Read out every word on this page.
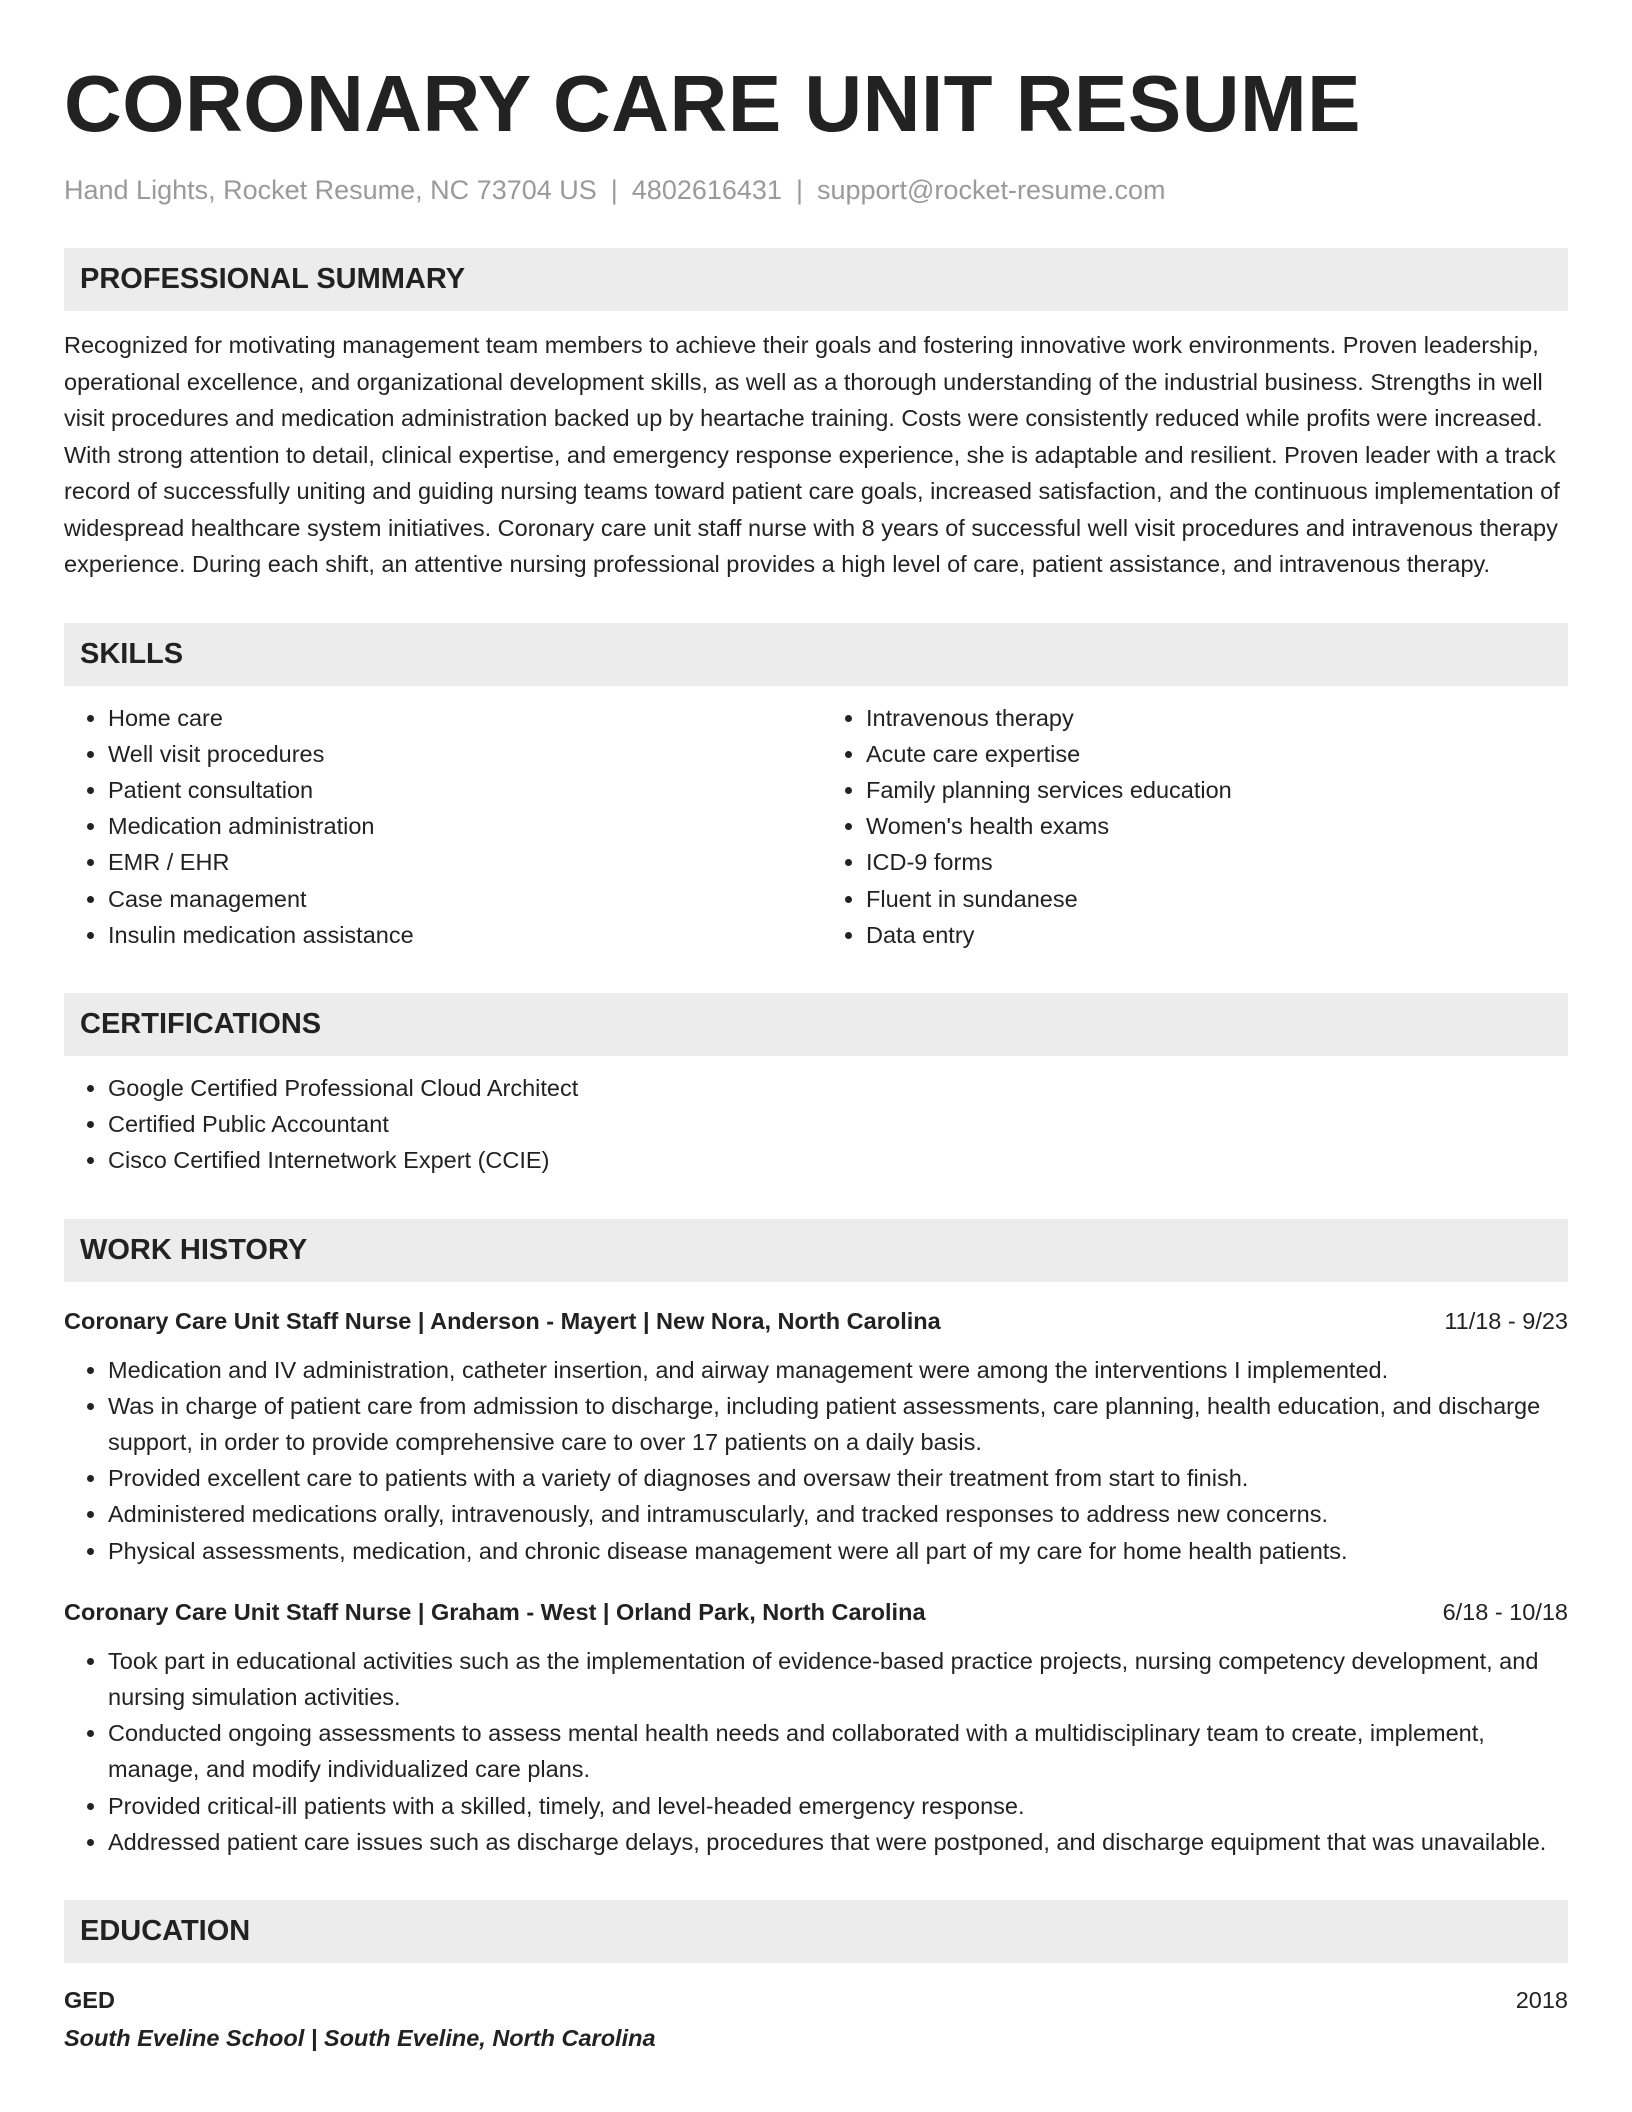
CORONARY CARE UNIT RESUME
Hand Lights, Rocket Resume, NC 73704 US | 4802616431 | support@rocket-resume.com
PROFESSIONAL SUMMARY
Recognized for motivating management team members to achieve their goals and fostering innovative work environments. Proven leadership, operational excellence, and organizational development skills, as well as a thorough understanding of the industrial business. Strengths in well visit procedures and medication administration backed up by heartache training. Costs were consistently reduced while profits were increased. With strong attention to detail, clinical expertise, and emergency response experience, she is adaptable and resilient. Proven leader with a track record of successfully uniting and guiding nursing teams toward patient care goals, increased satisfaction, and the continuous implementation of widespread healthcare system initiatives. Coronary care unit staff nurse with 8 years of successful well visit procedures and intravenous therapy experience. During each shift, an attentive nursing professional provides a high level of care, patient assistance, and intravenous therapy.
SKILLS
• Home care
• Well visit procedures
• Patient consultation
• Medication administration
• EMR / EHR
• Case management
• Insulin medication assistance
• Intravenous therapy
• Acute care expertise
• Family planning services education
• Women's health exams
• ICD-9 forms
• Fluent in sundanese
• Data entry
CERTIFICATIONS
• Google Certified Professional Cloud Architect
• Certified Public Accountant
• Cisco Certified Internetwork Expert (CCIE)
WORK HISTORY
Coronary Care Unit Staff Nurse | Anderson - Mayert | New Nora, North Carolina	11/18 - 9/23
• Medication and IV administration, catheter insertion, and airway management were among the interventions I implemented.
• Was in charge of patient care from admission to discharge, including patient assessments, care planning, health education, and discharge support, in order to provide comprehensive care to over 17 patients on a daily basis.
• Provided excellent care to patients with a variety of diagnoses and oversaw their treatment from start to finish.
• Administered medications orally, intravenously, and intramuscularly, and tracked responses to address new concerns.
• Physical assessments, medication, and chronic disease management were all part of my care for home health patients.
Coronary Care Unit Staff Nurse | Graham - West | Orland Park, North Carolina	6/18 - 10/18
• Took part in educational activities such as the implementation of evidence-based practice projects, nursing competency development, and nursing simulation activities.
• Conducted ongoing assessments to assess mental health needs and collaborated with a multidisciplinary team to create, implement, manage, and modify individualized care plans.
• Provided critical-ill patients with a skilled, timely, and level-headed emergency response.
• Addressed patient care issues such as discharge delays, procedures that were postponed, and discharge equipment that was unavailable.
EDUCATION
GED	2018
South Eveline School | South Eveline, North Carolina
